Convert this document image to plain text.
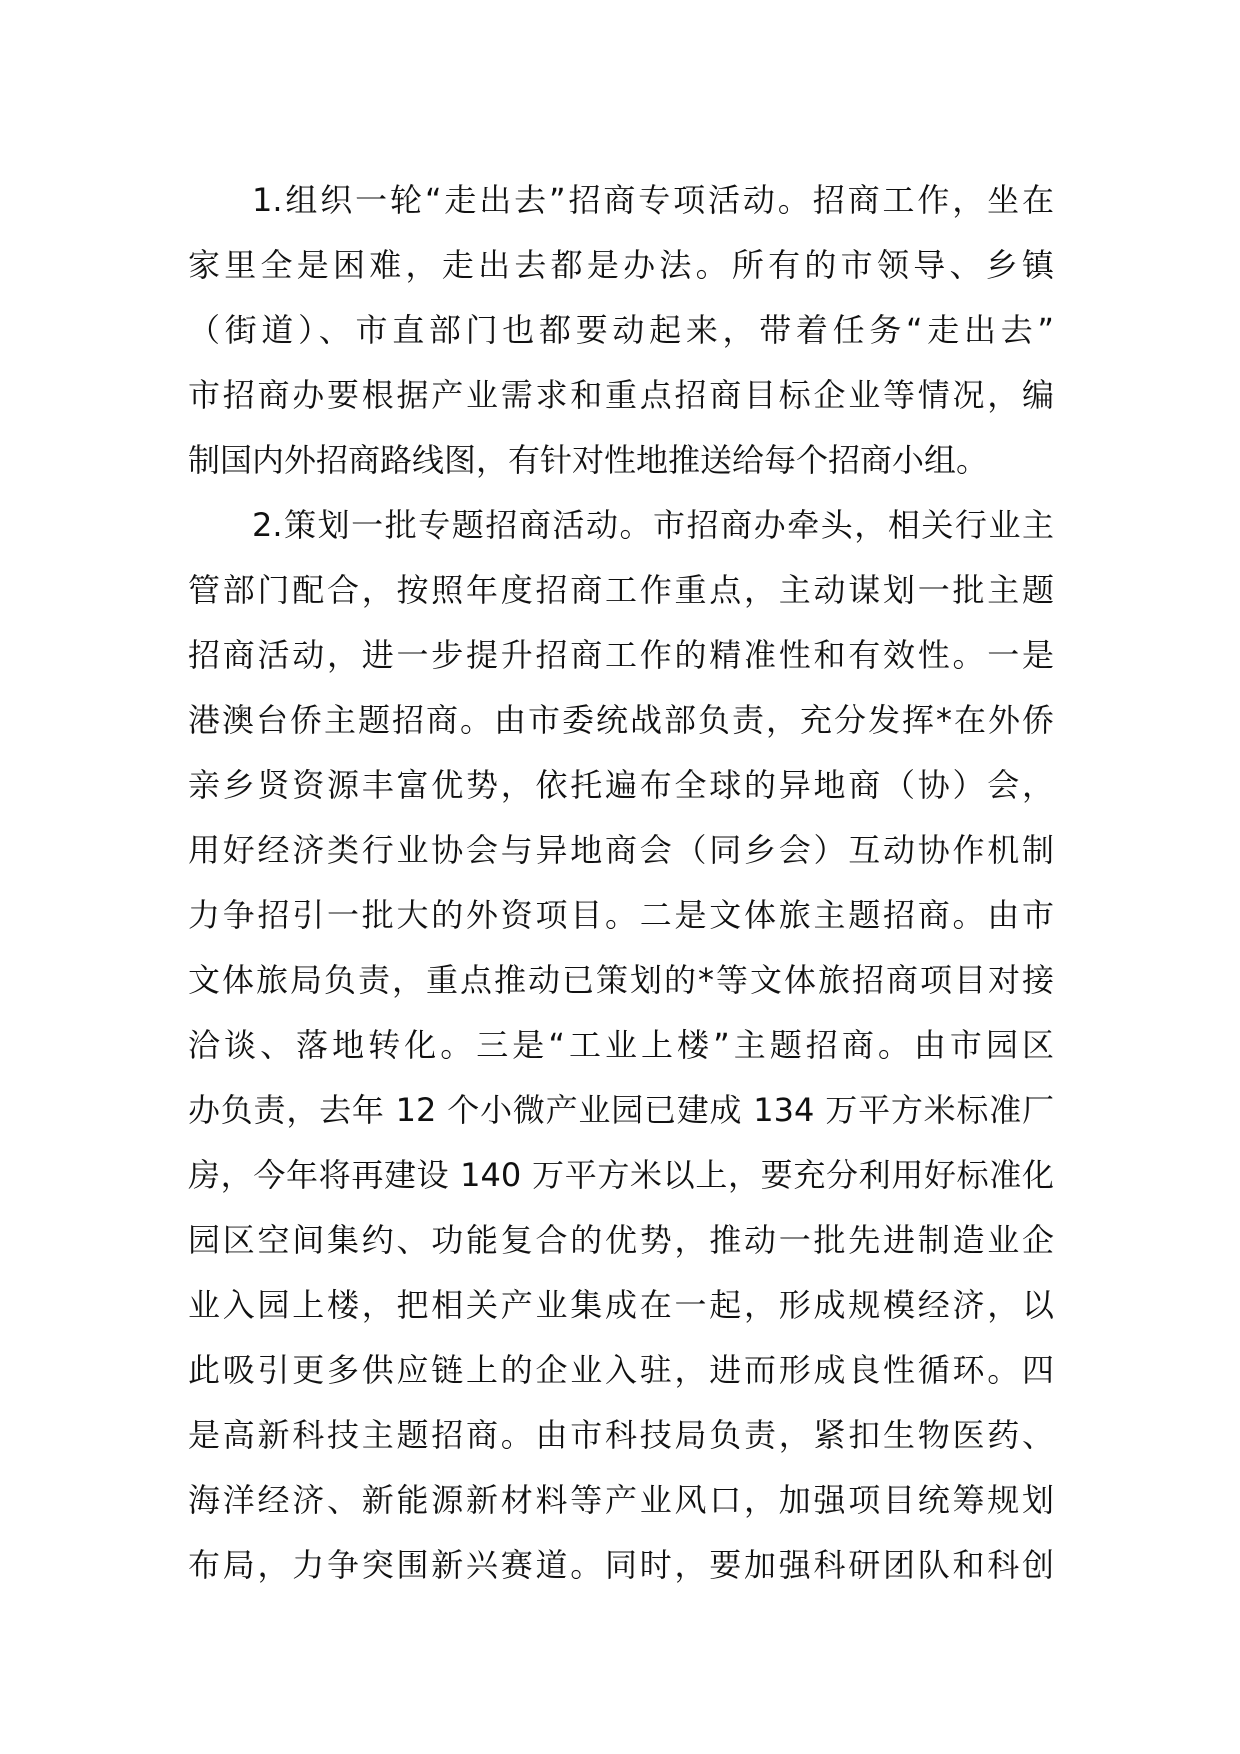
1.组织一轮“走出去”招商专项活动。招商工作，坐在
家里全是困难，走出去都是办法。所有的市领导、乡镇
（街道）、市直部门也都要动起来，带着任务“走出去”
市招商办要根据产业需求和重点招商目标企业等情况，编
制国内外招商路线图，有针对性地推送给每个招商小组。
2.策划一批专题招商活动。市招商办牵头，相关行业主
管部门配合，按照年度招商工作重点，主动谋划一批主题
招商活动，进一步提升招商工作的精准性和有效性。一是
港澳台侨主题招商。由市委统战部负责，充分发挥*在外侨
亲乡贤资源丰富优势，依托遍布全球的异地商（协）会，
用好经济类行业协会与异地商会（同乡会）互动协作机制
力争招引一批大的外资项目。二是文体旅主题招商。由市
文体旅局负责，重点推动已策划的*等文体旅招商项目对接
洽谈、落地转化。三是“工业上楼”主题招商。由市园区
办负责，去年 12 个小微产业园已建成 134 万平方米标准厂
房，今年将再建设 140 万平方米以上，要充分利用好标准化
园区空间集约、功能复合的优势，推动一批先进制造业企
业入园上楼，把相关产业集成在一起，形成规模经济，以
此吸引更多供应链上的企业入驻，进而形成良性循环。四
是高新科技主题招商。由市科技局负责，紧扣生物医药、
海洋经济、新能源新材料等产业风口，加强项目统筹规划
布局，力争突围新兴赛道。同时，要加强科研团队和科创
